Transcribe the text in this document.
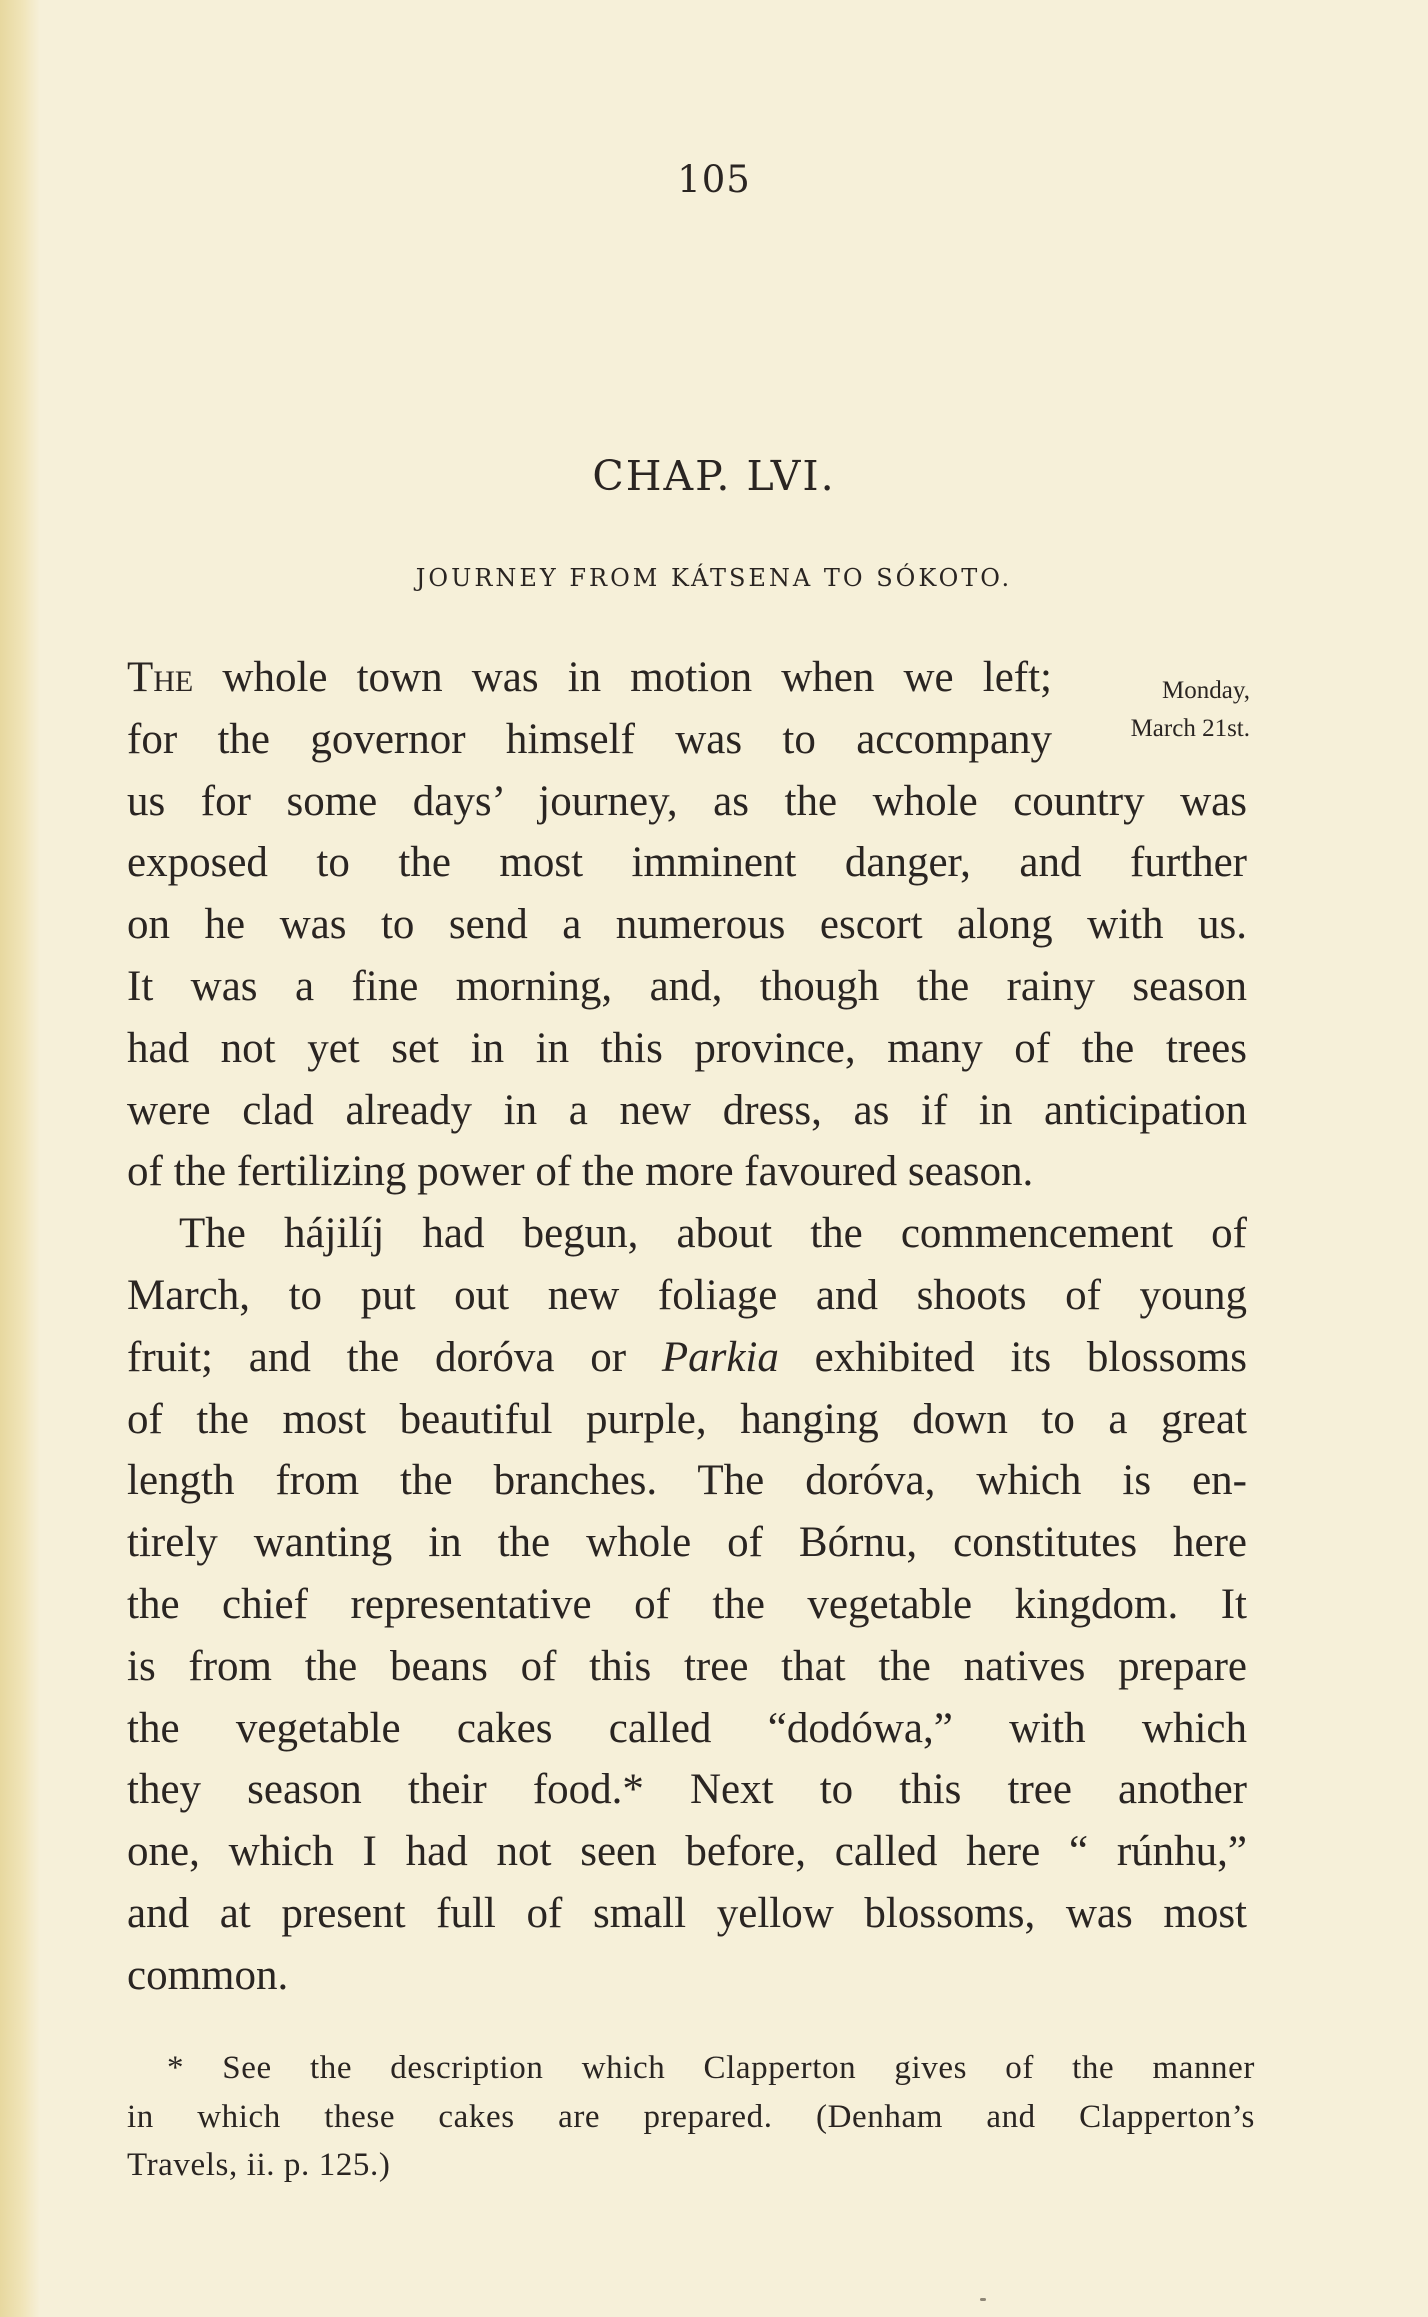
105
CHAP. LVI.
JOURNEY FROM KÁTSENA TO SÓKOTO.
Monday,
March 21st.
The whole town was in motion when we left;
for the governor himself was to accompany
us for some days’ journey, as the whole country was
exposed to the most imminent danger, and further
on he was to send a numerous escort along with us.
It was a fine morning, and, though the rainy season
had not yet set in in this province, many of the trees
were clad already in a new dress, as if in anticipation
of the fertilizing power of the more favoured season.
The hájilíj had begun, about the commencement of
March, to put out new foliage and shoots of young
fruit; and the doróva or Parkia exhibited its blossoms
of the most beautiful purple, hanging down to a great
length from the branches. The doróva, which is en-
tirely wanting in the whole of Bórnu, constitutes here
the chief representative of the vegetable kingdom. It
is from the beans of this tree that the natives prepare
the vegetable cakes called “dodówa,” with which
they season their food.* Next to this tree another
one, which I had not seen before, called here “ rúnhu,”
and at present full of small yellow blossoms, was most
common.
* See the description which Clapperton gives of the manner
in which these cakes are prepared. (Denham and Clapperton’s
Travels, ii. p. 125.)
